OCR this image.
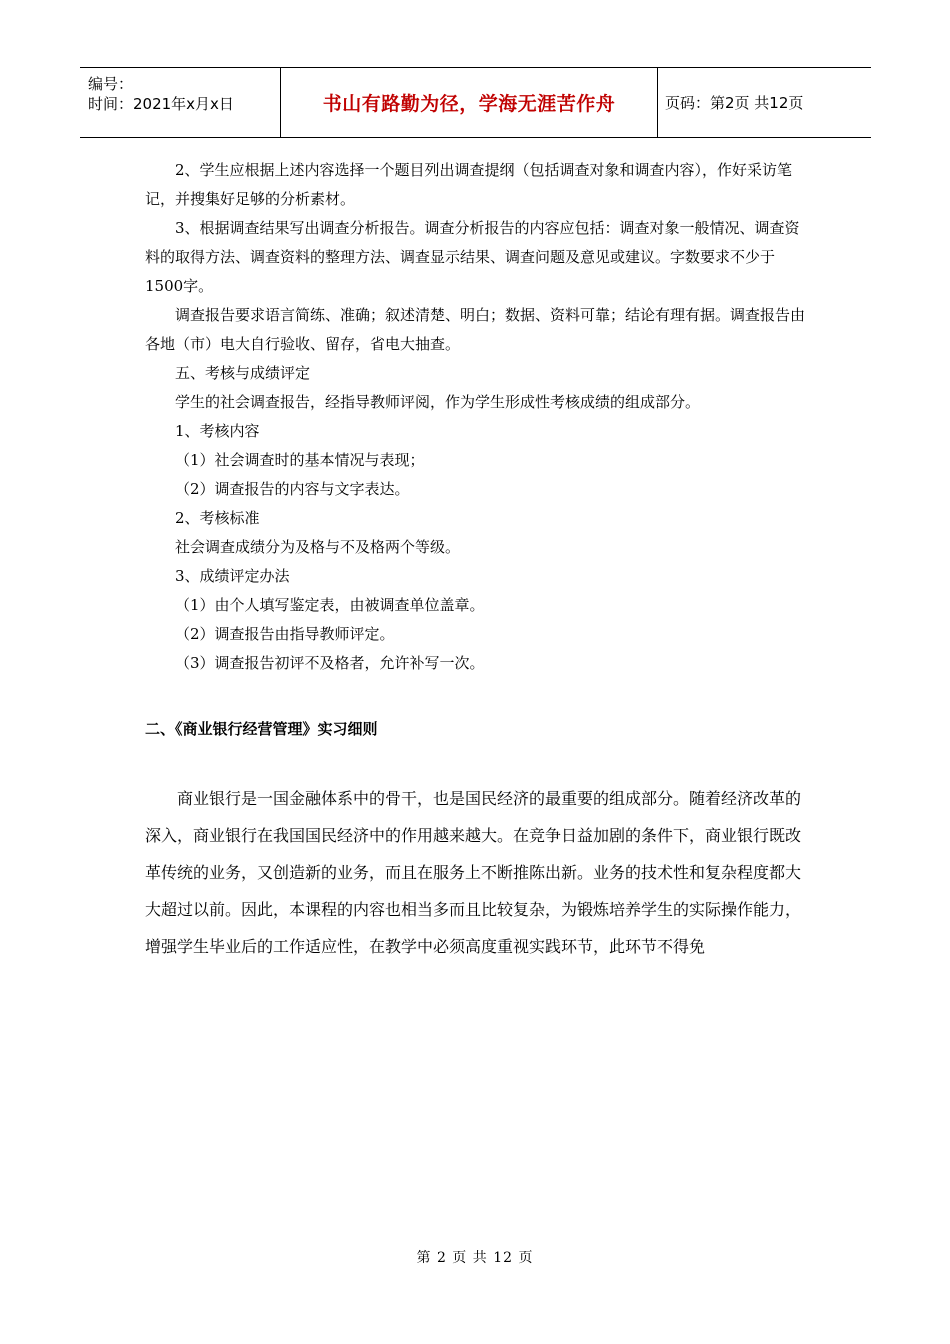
编号：
时间：2021年x月x日	书山有路勤为径，学海无涯苦作舟	页码：第2页 共12页

2、学生应根据上述内容选择一个题目列出调查提纲（包括调查对象和调查内容），作好采访笔记，并搜集好足够的分析素材。

3、根据调查结果写出调查分析报告。调查分析报告的内容应包括：调查对象一般情况、调查资料的取得方法、调查资料的整理方法、调查显示结果、调查问题及意见或建议。字数要求不少于1500字。

调查报告要求语言简练、准确；叙述清楚、明白；数据、资料可靠；结论有理有据。调查报告由各地（市）电大自行验收、留存，省电大抽查。

五、考核与成绩评定

学生的社会调查报告，经指导教师评阅，作为学生形成性考核成绩的组成部分。

1、考核内容

（1）社会调查时的基本情况与表现；

（2）调查报告的内容与文字表达。

2、考核标准

社会调查成绩分为及格与不及格两个等级。

3、成绩评定办法

（1）由个人填写鉴定表，由被调查单位盖章。

（2）调查报告由指导教师评定。

（3）调查报告初评不及格者，允许补写一次。

二、《商业银行经营管理》实习细则

商业银行是一国金融体系中的骨干，也是国民经济的最重要的组成部分。随着经济改革的深入，商业银行在我国国民经济中的作用越来越大。在竞争日益加剧的条件下，商业银行既改革传统的业务，又创造新的业务，而且在服务上不断推陈出新。业务的技术性和复杂程度都大大超过以前。因此，本课程的内容也相当多而且比较复杂，为锻炼培养学生的实际操作能力，增强学生毕业后的工作适应性，在教学中必须高度重视实践环节，此环节不得免

第 2 页 共 12 页
